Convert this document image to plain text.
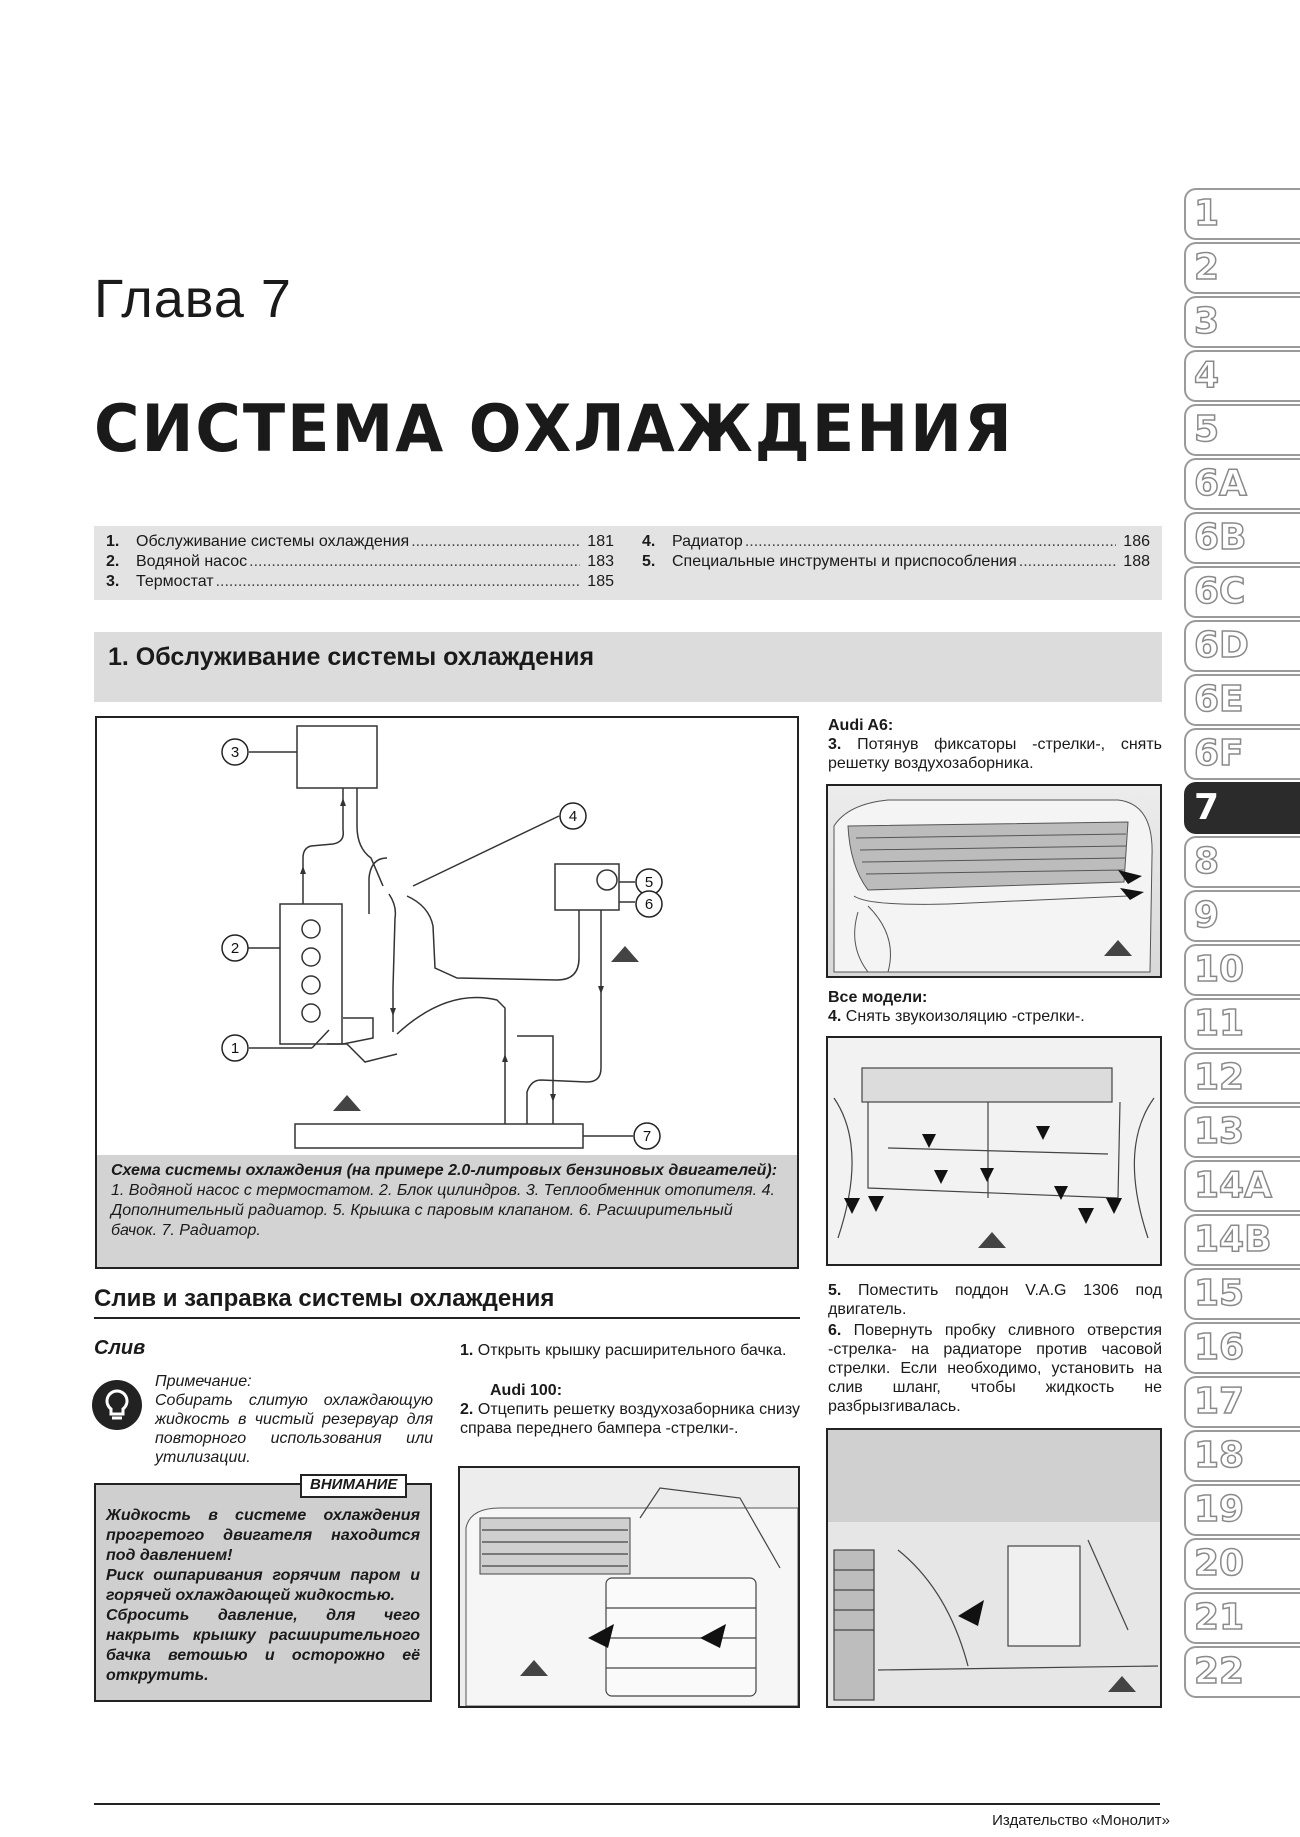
Глава 7
СИСТЕМА ОХЛАЖДЕНИЯ
1.	Обслуживание системы охлаждения .....	181
2.	Водяной насос .....	183
3.	Термостат .....	185
4.	Радиатор .....	186
5.	Специальные инструменты и приспособления .....	188
1. Обслуживание системы охлаждения
3
4
5
6
2
1
7
Схема системы охлаждения (на примере 2.0-литровых бензиновых двигателей):
1. Водяной насос с термостатом. 2. Блок цилиндров. 3. Теплообменник отопителя. 4. Дополнительный радиатор. 5. Крышка с паровым клапаном. 6. Расширительный бачок. 7. Радиатор.
Audi A6:

3. Потянув фиксаторы -стрелки-, снять решетку воздухозаборника.
Все модели:
4. Снять звукоизоляцию -стрелки-.
5. Поместить поддон V.A.G 1306 под двигатель.
6. Повернуть пробку сливного отверстия -стрелка- на радиаторе против часовой стрелки. Если необходимо, установить на слив шланг, чтобы жидкость не разбрызгивалась.
Слив и заправка системы охлаждения
Слив
Примечание:
Собирать слитую охлаждающую жидкость в чистый резервуар для повторного использования или утилизации.
ВНИМАНИЕ
Жидкость в системе охлаждения прогретого двигателя находится под давлением!
Риск ошпаривания горячим паром и горячей охлаждающей жидкостью.
Сбросить давление, для чего накрыть крышку расширительного бачка ветошью и осторожно её открутить.
1. Открыть крышку расширительного бачка.
Audi 100:
2. Отцепить решетку воздухозаборника снизу справа переднего бампера -стрелки-.
1
2
3
4
5
6A
6B
6C
6D
6E
6F
7
8
9
10
11
12
13
14A
14B
15
16
17
18
19
20
21
22
Издательство «Монолит»
